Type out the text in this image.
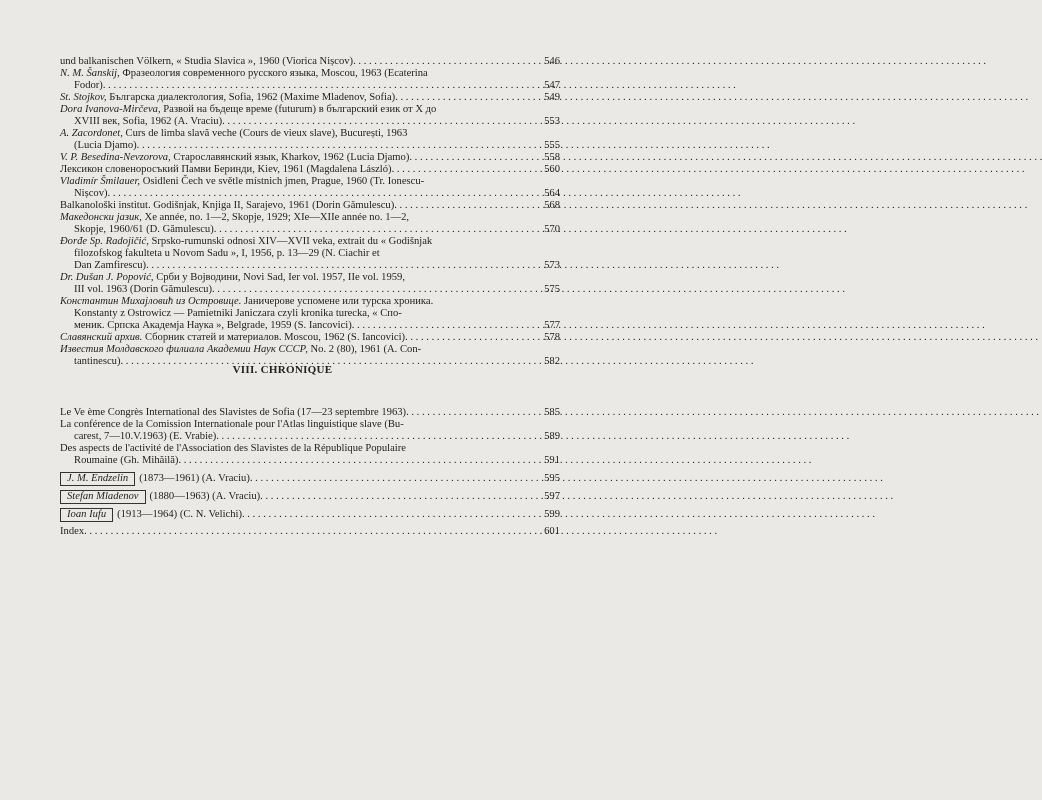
und balkanischen Völkern, « Studia Slavica », 1960 (Viorica Nișcov) . . .	546
N. M. Šanskij, Фразеология современного русского языка, Moscou, 1963 (Ecaterina
Fodor) . . .	547
St. Stojkov, Българска диалектология, Sofia, 1962 (Maxime Mladenov, Sofia) . . .	549
Dora Ivanova-Mirčeva, Развой на бъдеще време (futurum) в българский език от X до
XVIII век, Sofia, 1962 (A. Vraciu) . . .	553
A. Zacordonet, Curs de limba slavă veche (Cours de vieux slave), București, 1963
(Lucia Djamo) . . .	555
V. P. Besedina-Nevzorova, Старославянский язык, Kharkov, 1962 (Lucia Djamo) . . .	558
Лексикон словеноросъкий Памви Беринди, Kiev, 1961 (Magdalena László) . . .	560
Vladimír Šmilauer, Osidleni Čech ve světle místnich jmen, Prague, 1960 (Tr. Ionescu-
Nișcov) . . .	564
Balkanološki institut. Godišnjak, Knjiga II, Sarajevo, 1961 (Dorin Gămulescu) . . .	568
Македонски јазик, Xe année, no. 1—2, Skopje, 1929; XIe—XIIe année no. 1—2,
Skopje, 1960/61 (D. Gămulescu) . . .	570
Đorđe Sp. Radojičić, Srpsko-rumunski odnosi XIV—XVII veka, extrait du « Godišnjak
filozofskog fakulteta u Novom Sadu », I, 1956, p. 13—29 (N. Ciachir et
Dan Zamfirescu) . . .	573
Dr. Dušan J. Popović, Срби у Војводини, Novi Sad, Ier vol. 1957, IIe vol. 1959,
III vol. 1963 (Dorin Gămulescu) . . .	575
Константин Михаjловић из Островице. Јаничерове успомене или турска хроника.
Konstanty z Ostrowicz — Pamietniki Janiczara czyli kronika turecka, « Спо-
меник. Српска Академја Наука », Belgrade, 1959 (S. Iancovici) . . .	577
Славянский архив. Сборник статей и материалов. Moscou, 1962 (S. Iancovici) . . .	578
Известия Молдавского филиала Академии Наук СССР, No. 2 (80), 1961 (A. Con-
tantinescu) . . .	582
VIII. CHRONIQUE
Le Ve ème Congrès International des Slavistes de Sofia (17—23 septembre 1963) . . .	585
La conférence de la Comission Internationale pour l'Atlas linguistique slave (Bu-
carest, 7—10.V.1963) (E. Vrabie) . . .	589
Des aspects de l'activité de l'Association des Slavistes de la République Populaire
Roumaine (Gh. Mihăilă) . . .	591
J. M. Endzelin (1873—1961) (A. Vraciu) . . .	595
Stefan Mladenov (1880—1963) (A. Vraciu) . . .	597
Ioan Iufu (1913—1964) (C. N. Velichi) . . .	599
Index . . .	601
